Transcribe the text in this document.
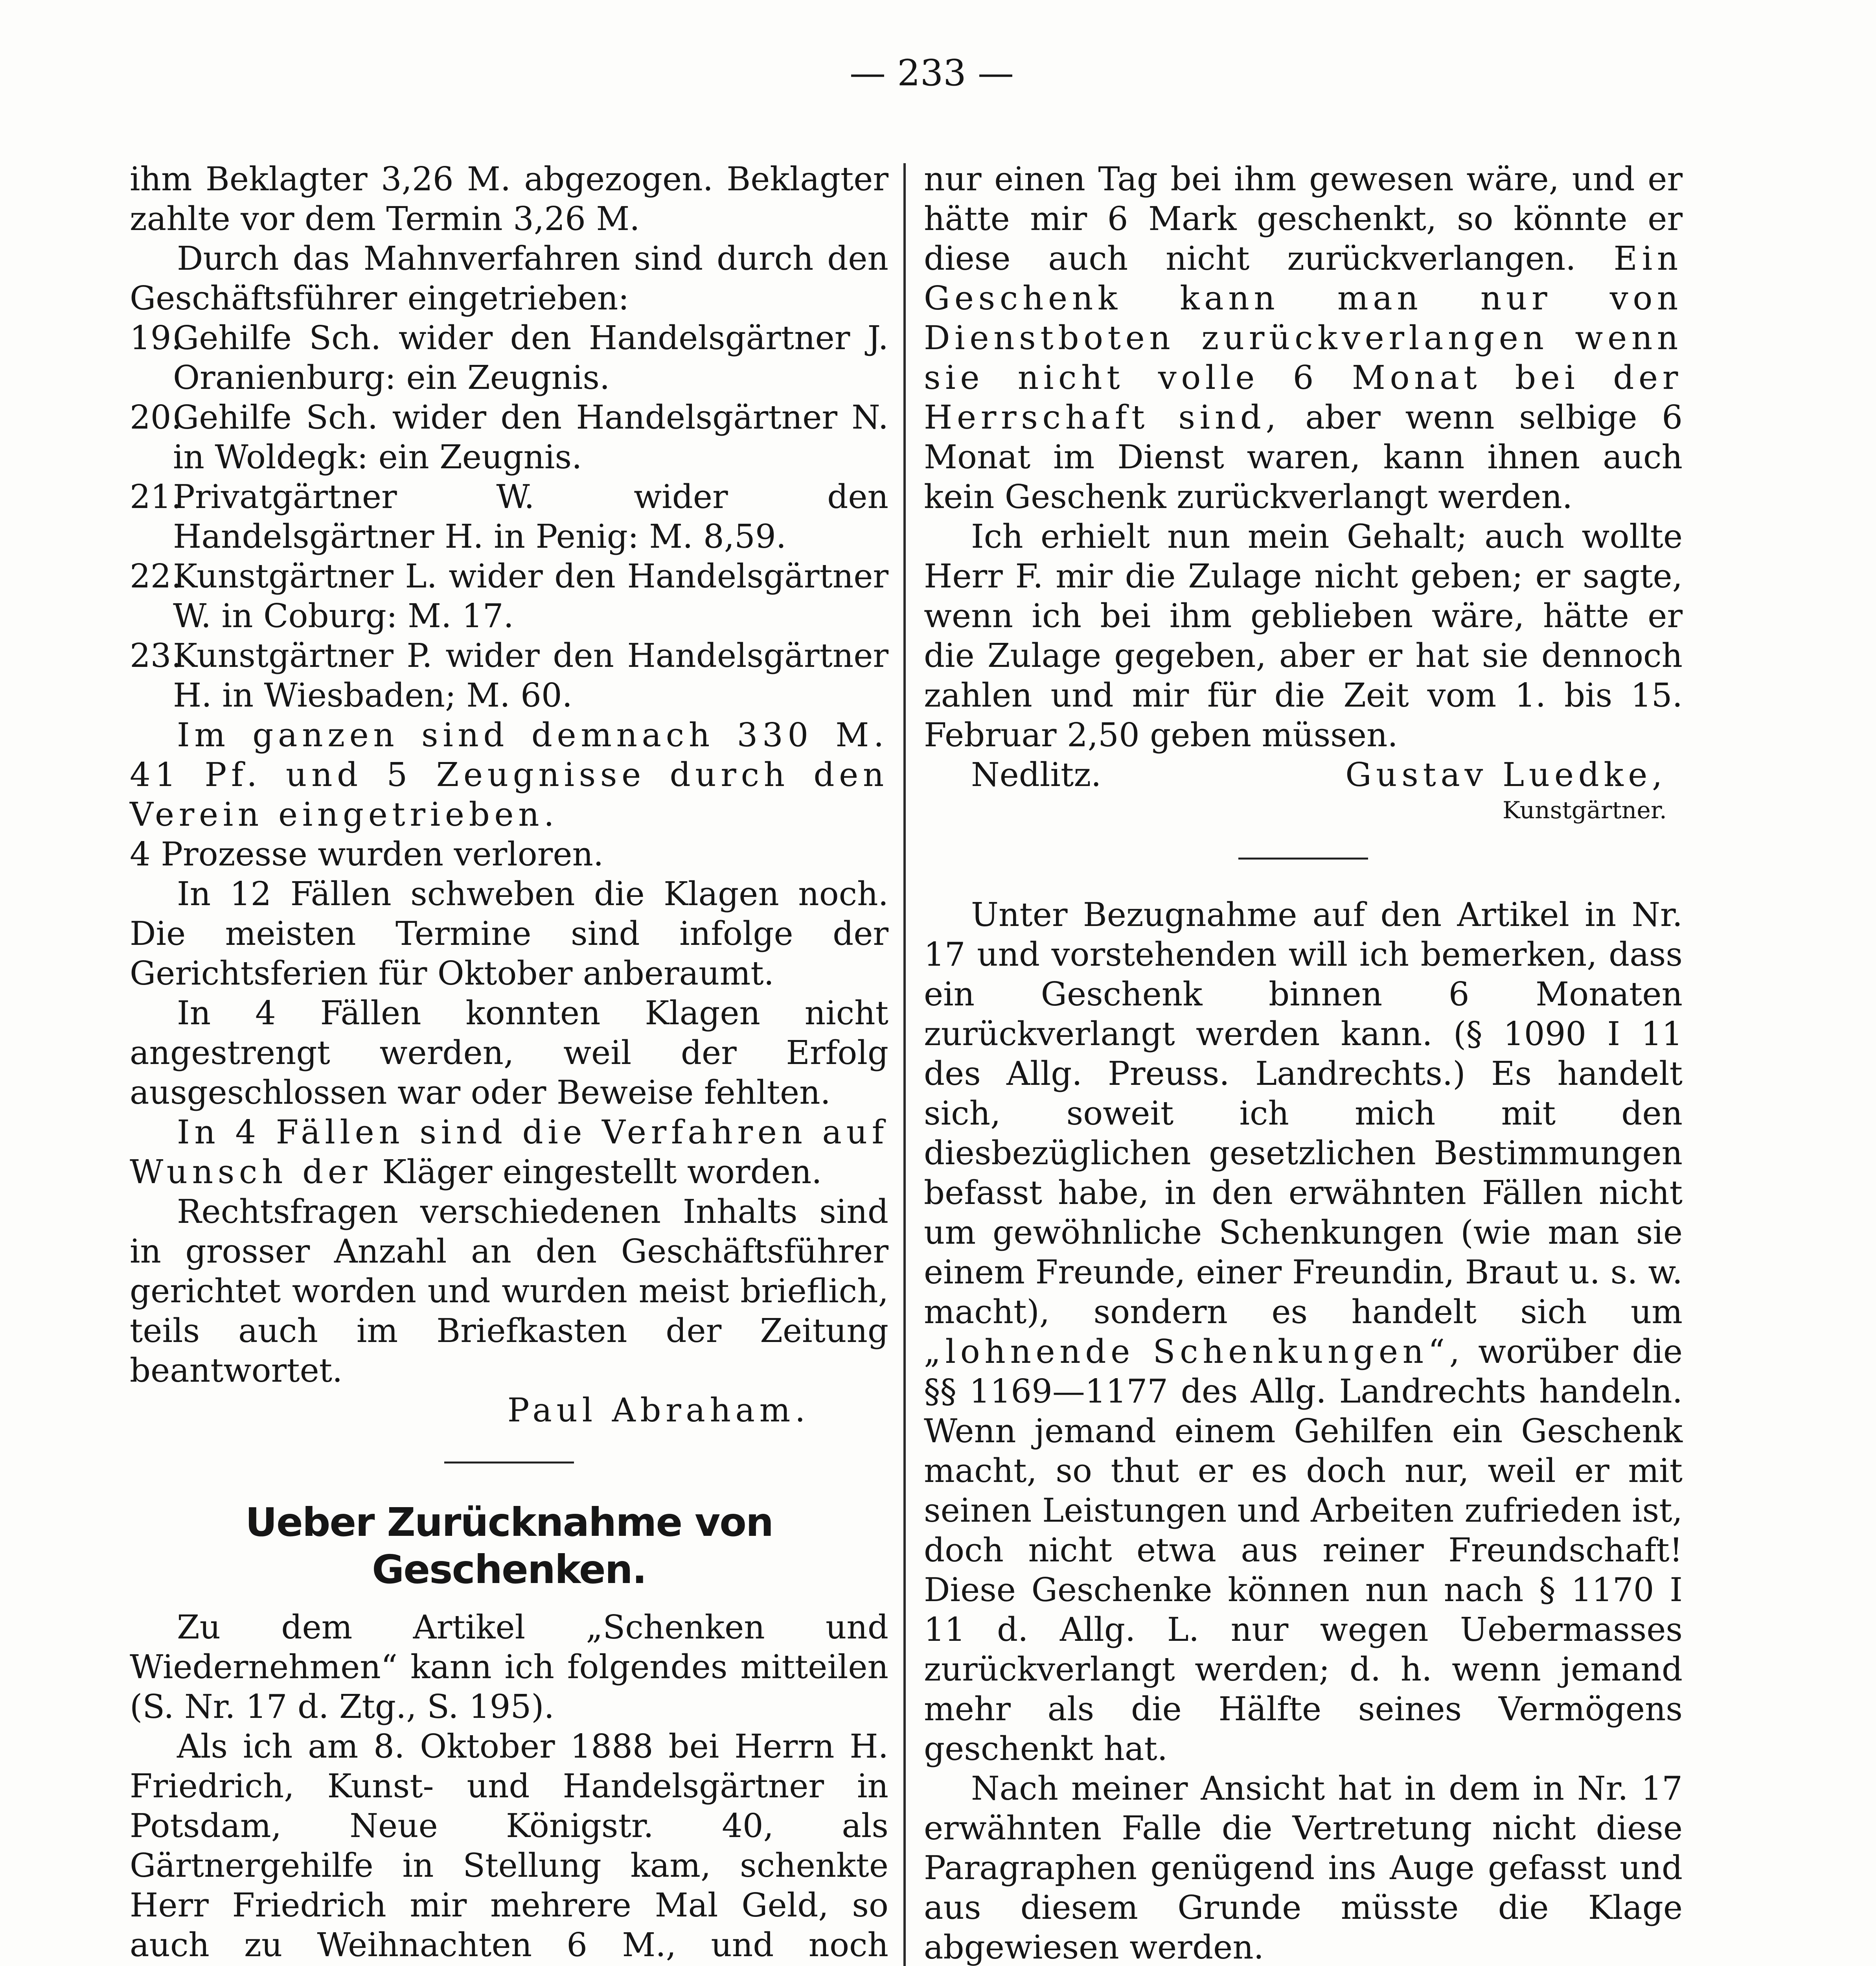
— 233 —

ihm Beklagter 3,26 M. abgezogen. Beklagter zahlte vor dem Termin 3,26 M.

Durch das Mahnverfahren sind durch den Geschäftsführer eingetrieben:

19.Gehilfe Sch. wider den Handelsgärtner J. Oranienburg: ein Zeugnis.

20.Gehilfe Sch. wider den Handelsgärtner N. in Woldegk: ein Zeugnis.

21.Privatgärtner W. wider den Handelsgärtner H. in Penig: M. 8,59.

22.Kunstgärtner L. wider den Handelsgärtner W. in Coburg: M. 17.

23.Kunstgärtner P. wider den Handelsgärtner H. in Wiesbaden; M. 60.

Im ganzen sind demnach 330 M. 41 Pf. und 5 Zeugnisse durch den Verein eingetrieben.

4 Prozesse wurden verloren.

In 12 Fällen schweben die Klagen noch. Die meisten Termine sind infolge der Gerichtsferien für Oktober anberaumt.

In 4 Fällen konnten Klagen nicht angestrengt werden, weil der Erfolg ausgeschlossen war oder Beweise fehlten.

In 4 Fällen sind die Verfahren auf Wunsch der Kläger eingestellt worden.

Rechtsfragen verschiedenen Inhalts sind in grosser Anzahl an den Geschäftsführer gerichtet worden und wurden meist brieflich, teils auch im Briefkasten der Zeitung beantwortet.

Paul Abraham.

Ueber Zurücknahme von Geschenken.

Zu dem Artikel „Schenken und Wiedernehmen“ kann ich folgendes mitteilen (S. Nr. 17 d. Ztg., S. 195).

Als ich am 8. Oktober 1888 bei Herrn H. Friedrich, Kunst- und Handelsgärtner in Potsdam, Neue Königstr. 40, als Gärtnergehilfe in Stellung kam, schenkte Herr Friedrich mir mehrere Mal Geld, so auch zu Weihnachten 6 M., und noch

nur einen Tag bei ihm gewesen wäre, und er hätte mir 6 Mark geschenkt, so könnte er diese auch nicht zurückverlangen. Ein Geschenk kann man nur von Dienstboten zurückverlangen wenn sie nicht volle 6 Monat bei der Herrschaft sind, aber wenn selbige 6 Monat im Dienst waren, kann ihnen auch kein Geschenk zurückverlangt werden.

Ich erhielt nun mein Gehalt; auch wollte Herr F. mir die Zulage nicht geben; er sagte, wenn ich bei ihm geblieben wäre, hätte er die Zulage gegeben, aber er hat sie dennoch zahlen und mir für die Zeit vom 1. bis 15. Februar 2,50 geben müssen.

Nedlitz.	Gustav Luedke,

Kunstgärtner.

Unter Bezugnahme auf den Artikel in Nr. 17 und vorstehenden will ich bemerken, dass ein Geschenk binnen 6 Monaten zurückverlangt werden kann. (§ 1090 I 11 des Allg. Preuss. Landrechts.) Es handelt sich, soweit ich mich mit den diesbezüglichen gesetzlichen Bestimmungen befasst habe, in den erwähnten Fällen nicht um gewöhnliche Schenkungen (wie man sie einem Freunde, einer Freundin, Braut u. s. w. macht), sondern es handelt sich um „lohnende Schenkungen“, worüber die §§ 1169—1177 des Allg. Landrechts handeln. Wenn jemand einem Gehilfen ein Geschenk macht, so thut er es doch nur, weil er mit seinen Leistungen und Arbeiten zufrieden ist, doch nicht etwa aus reiner Freundschaft! Diese Geschenke können nun nach § 1170 I 11 d. Allg. L. nur wegen Uebermasses zurückverlangt werden; d. h. wenn jemand mehr als die Hälfte seines Vermögens geschenkt hat.

Nach meiner Ansicht hat in dem in Nr. 17 erwähnten Falle die Vertretung nicht diese Paragraphen genügend ins Auge gefasst und aus diesem Grunde müsste die Klage abgewiesen werden.
